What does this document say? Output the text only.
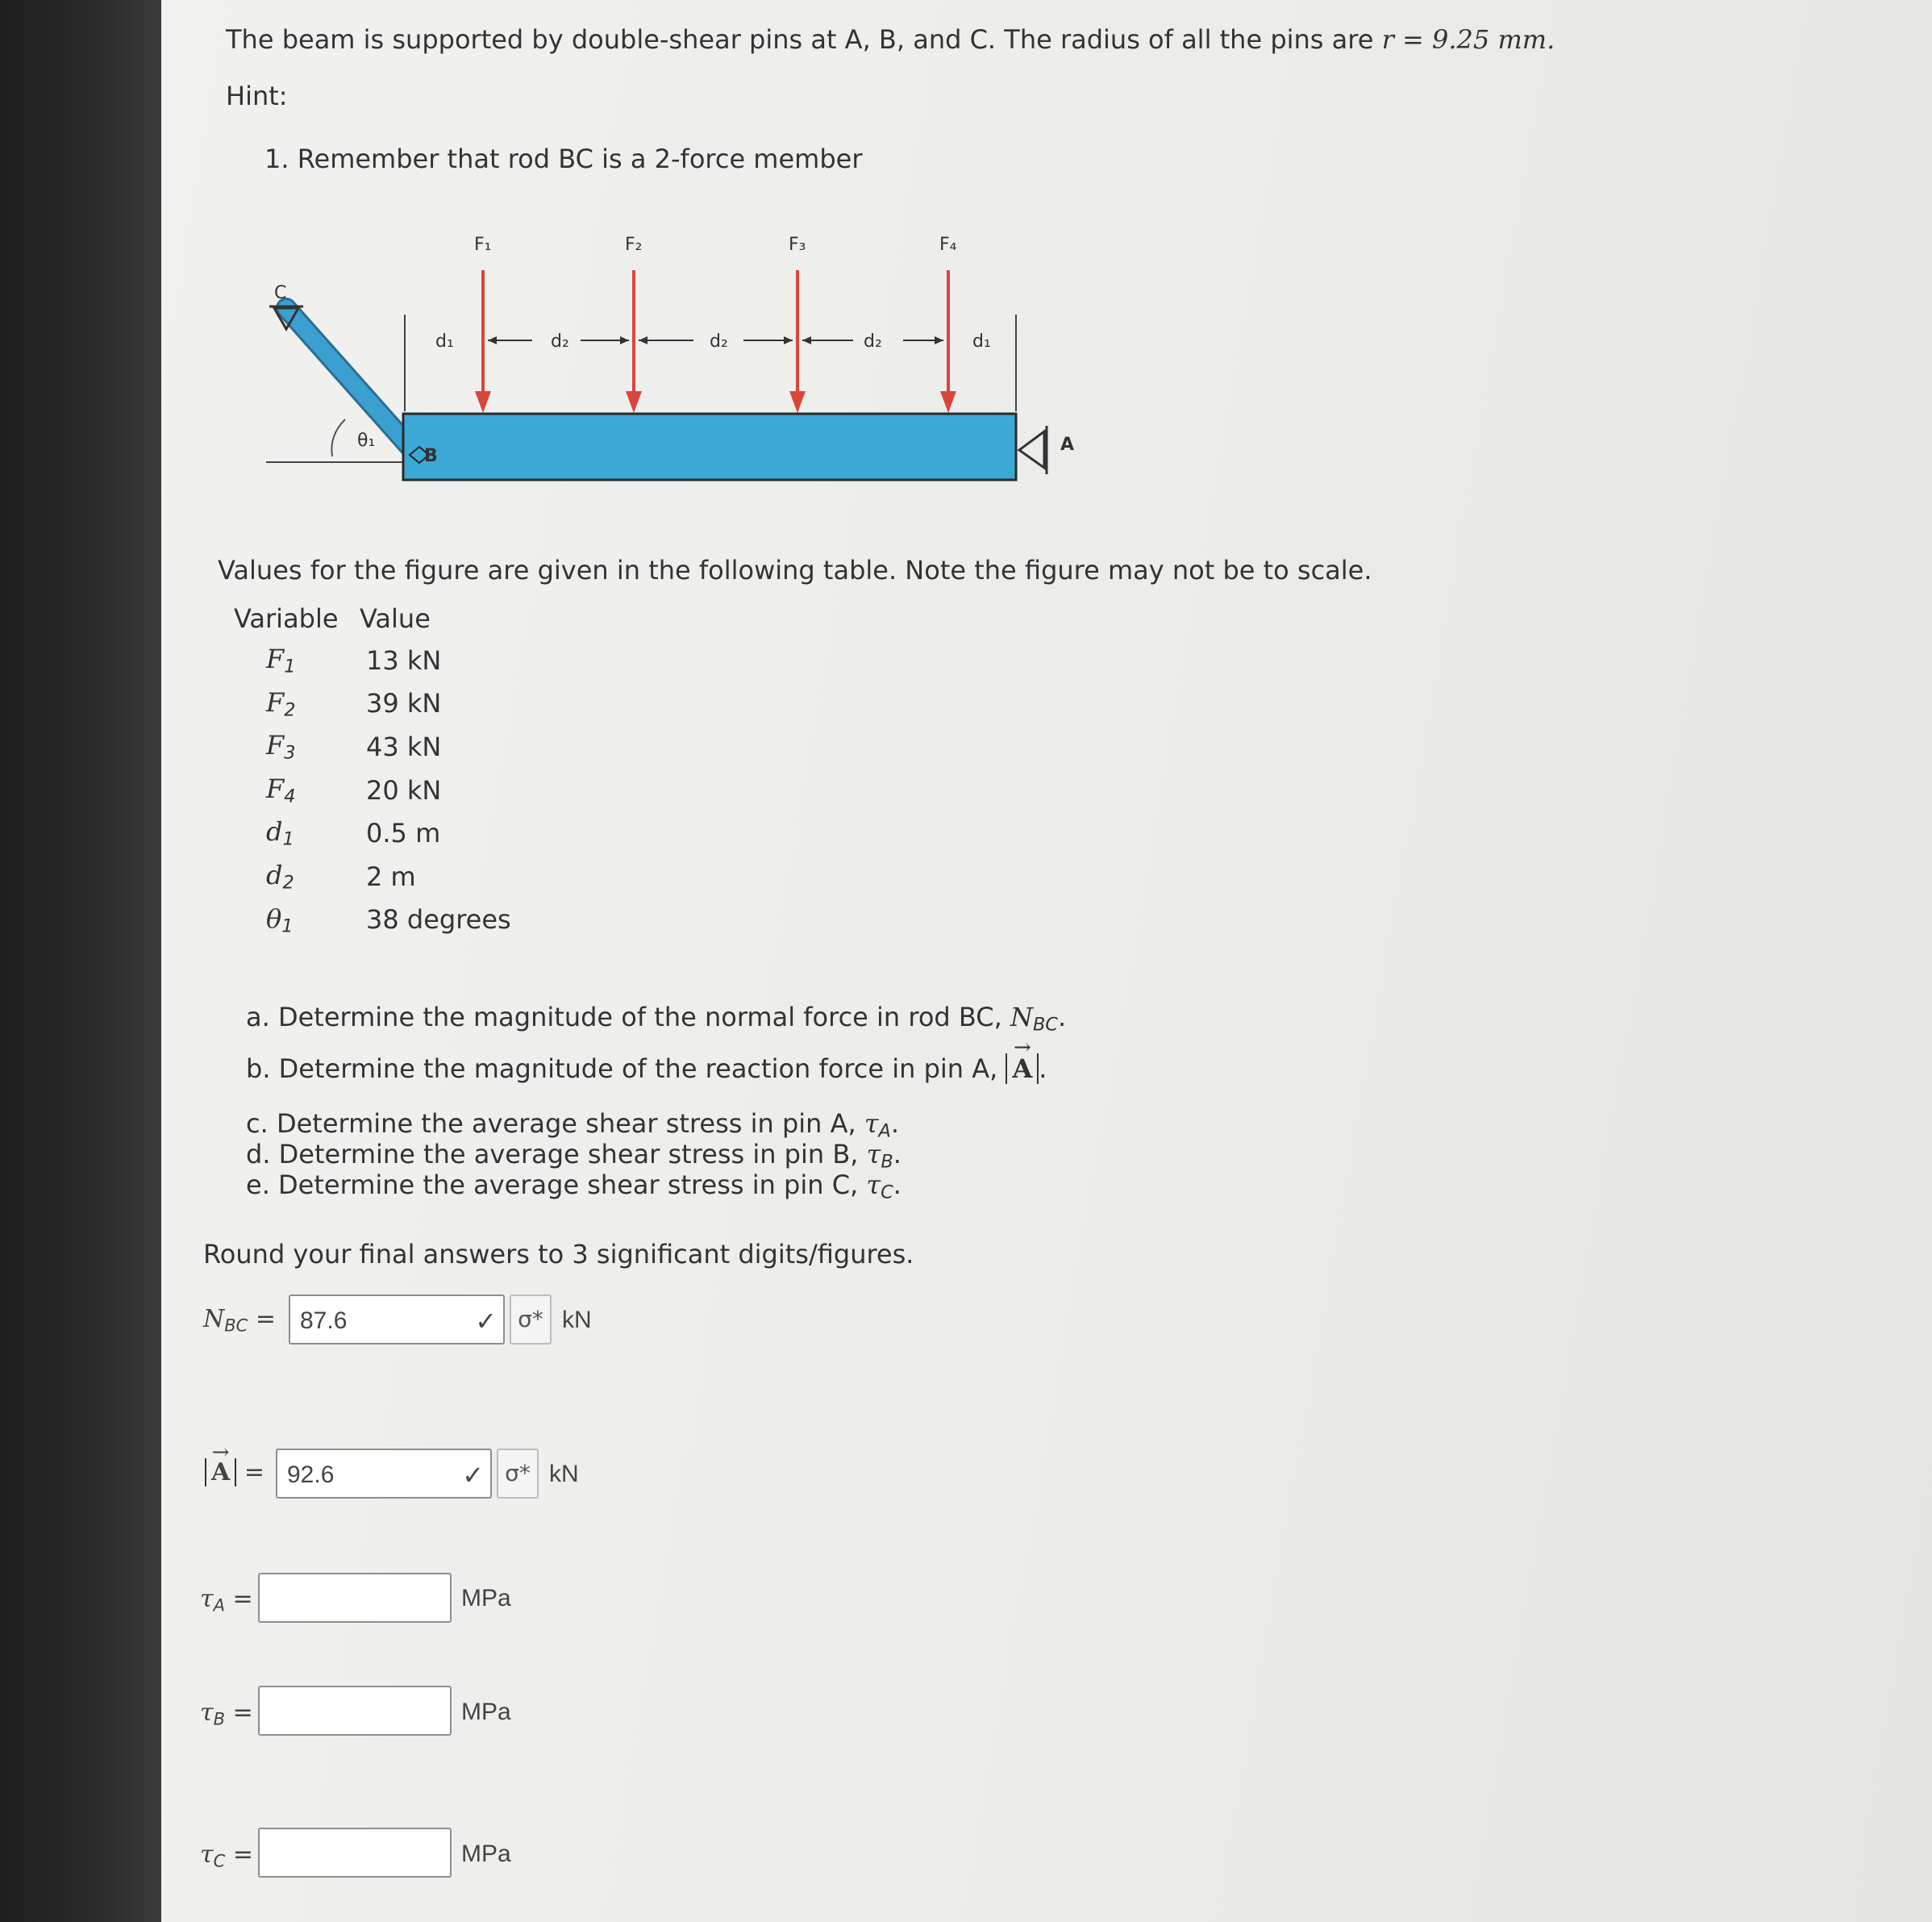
The beam is supported by double-shear pins at A, B, and C. The radius of all the pins are r = 9.25 mm.
Hint:
1. Remember that rod BC is a 2-force member
C
B
A
θ₁
F₁	F₂	F₃	F₄
d₁	d₂	d₂	d₂	d₁
Values for the figure are given in the following table. Note the figure may not be to scale.
Variable	Value
$F_1$	13 kN
$F_2$	39 kN
$F_3$	43 kN
$F_4$	20 kN
$d_1$	0.5 m
$d_2$	2 m
$\theta_1$	38 degrees
a. Determine the magnitude of the normal force in rod BC, $N_{BC}$.
b. Determine the magnitude of the reaction force in pin A,
→
A .
c. Determine the average shear stress in pin A, $\tau_A$.
d. Determine the average shear stress in pin B, $\tau_B$.
e. Determine the average shear stress in pin C, $\tau_C$.
Round your final answers to 3 significant digits/figures.
$N_{BC} = 87.6$	✓ σ* kN
→
A = 92.6	✓ σ* kN
$\tau_A$ =	MPa
$\tau_B$ =	MPa
$\tau_C$ =	MPa
